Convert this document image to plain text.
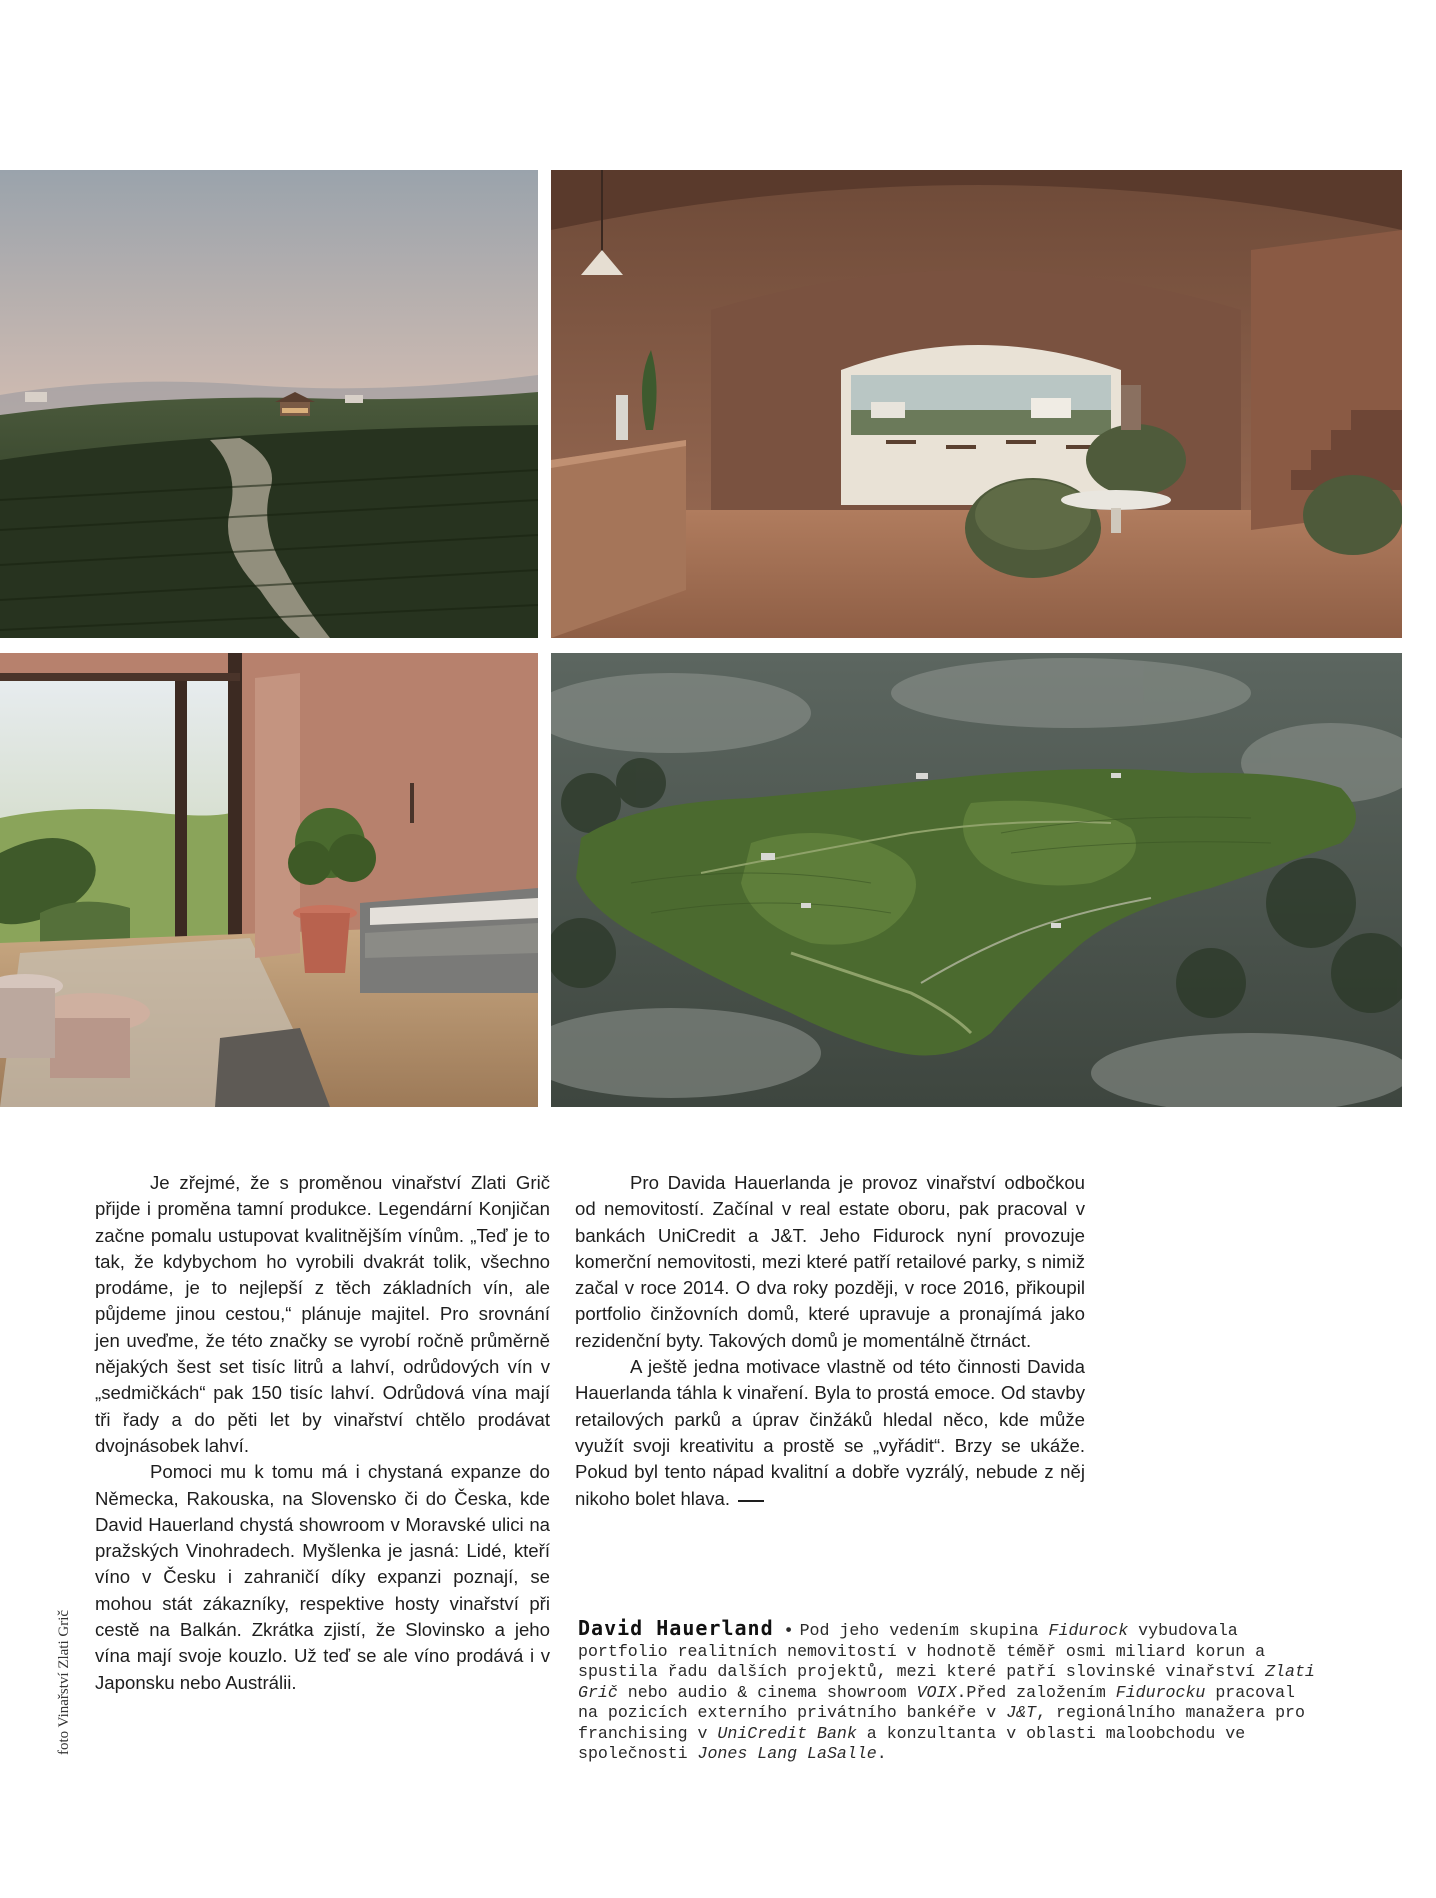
foto Vinařství Zlati Grič

Je zřejmé, že s proměnou vinařství Zlati Grič přijde i proměna tamní produkce. Legendární Konjičan začne pomalu ustupovat kvalitnějším vínům. „Teď je to tak, že kdybychom ho vyrobili dvakrát tolik, všechno prodáme, je to nejlepší z těch základních vín, ale půjdeme jinou cestou,“ plánuje majitel. Pro srovnání jen uveďme, že této značky se vyrobí ročně průměrně nějakých šest set tisíc litrů a lahví, odrůdových vín v „sedmičkách“ pak 150 tisíc lahví. Odrůdová vína mají tři řady a do pěti let by vinařství chtělo prodávat dvojnásobek lahví.

Pomoci mu k tomu má i chystaná expanze do Německa, Rakouska, na Slovensko či do Česka, kde David Hauerland chystá showroom v Moravské ulici na pražských Vinohradech. Myšlenka je jasná: Lidé, kteří víno v Česku i zahraničí díky expanzi poznají, se mohou stát zákazníky, respektive hosty vinařství při cestě na Balkán. Zkrátka zjistí, že Slovinsko a jeho vína mají svoje kouzlo. Už teď se ale víno prodává i v Japonsku nebo Austrálii.

Pro Davida Hauerlanda je provoz vinařství odbočkou od nemovitostí. Začínal v real estate oboru, pak pracoval v bankách UniCredit a J&T. Jeho Fidurock nyní provozuje komerční nemovitosti, mezi které patří retailové parky, s nimiž začal v roce 2014. O dva roky později, v roce 2016, přikoupil portfolio činžovních domů, které upravuje a pronajímá jako rezidenční byty. Takových domů je momentálně čtrnáct.

A ještě jedna motivace vlastně od této činnosti Davida Hauerlanda táhla k vinaření. Byla to prostá emoce. Od stavby retailových parků a úprav činžáků hledal něco, kde může využít svoji kreativitu a prostě se „vyřádit“. Brzy se ukáže. Pokud byl tento nápad kvalitní a dobře vyzrálý, nebude z něj nikoho bolet hlava.

David Hauerland • Pod jeho vedením skupina Fidurock vybudovala portfolio realitních nemovitostí v hodnotě téměř osmi miliard korun a spustila řadu dalších projektů, mezi které patří slovinské vinařství Zlati Grič nebo audio & cinema showroom VOIX.Před založením Fidurocku pracoval na pozicích externího privátního bankéře v J&T, regionálního manažera pro franchising v UniCredit Bank a konzultanta v oblasti maloobchodu ve společnosti Jones Lang LaSalle.
